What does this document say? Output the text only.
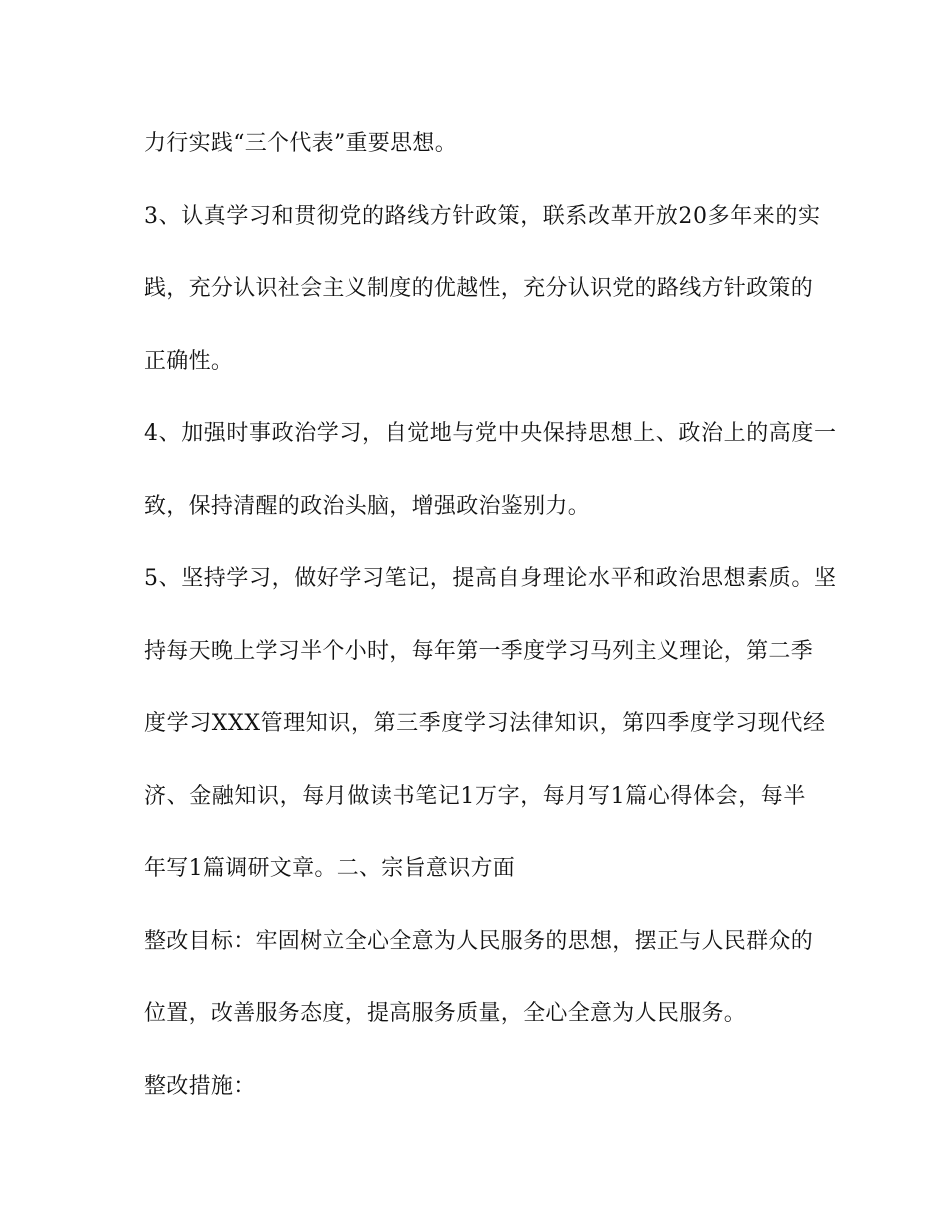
力行实践“三个代表”重要思想。
3、认真学习和贯彻党的路线方针政策，联系改革开放20多年来的实
践，充分认识社会主义制度的优越性，充分认识党的路线方针政策的
正确性。
4、加强时事政治学习，自觉地与党中央保持思想上、政治上的高度一
致，保持清醒的政治头脑，增强政治鉴别力。
5、坚持学习，做好学习笔记，提高自身理论水平和政治思想素质。坚
持每天晚上学习半个小时，每年第一季度学习马列主义理论，第二季
度学习XXX管理知识，第三季度学习法律知识，第四季度学习现代经
济、金融知识，每月做读书笔记1万字，每月写1篇心得体会，每半
年写1篇调研文章。二、宗旨意识方面
整改目标：牢固树立全心全意为人民服务的思想，摆正与人民群众的
位置，改善服务态度，提高服务质量，全心全意为人民服务。
整改措施：
